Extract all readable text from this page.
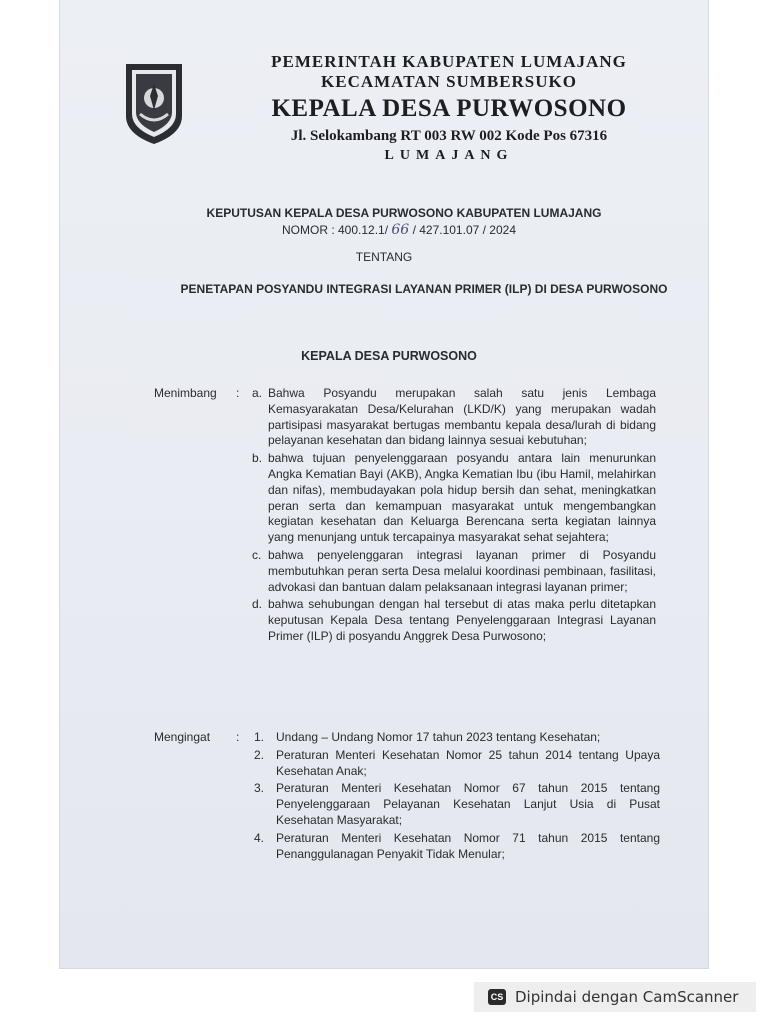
PEMERINTAH KABUPATEN LUMAJANG
KECAMATAN SUMBERSUKO
KEPALA DESA PURWOSONO
Jl. Selokambang RT 003 RW 002 Kode Pos 67316
LUMAJANG
KEPUTUSAN KEPALA DESA PURWOSONO KABUPATEN LUMAJANG
NOMOR : 400.12.1/ 66 / 427.101.07 / 2024
TENTANG
PENETAPAN POSYANDU INTEGRASI LAYANAN PRIMER (ILP) DI DESA PURWOSONO
KEPALA DESA PURWOSONO
Menimbang : a. Bahwa Posyandu merupakan salah satu jenis Lembaga Kemasyarakatan Desa/Kelurahan (LKD/K) yang merupakan wadah partisipasi masyarakat bertugas membantu kepala desa/lurah di bidang pelayanan kesehatan dan bidang lainnya sesuai kebutuhan;

b. bahwa tujuan penyelenggaraan posyandu antara lain menurunkan Angka Kematian Bayi (AKB), Angka Kematian Ibu (ibu Hamil, melahirkan dan nifas), membudayakan pola hidup bersih dan sehat, meningkatkan peran serta dan kemampuan masyarakat untuk mengembangkan kegiatan kesehatan dan Keluarga Berencana serta kegiatan lainnya yang menunjang untuk tercapainya masyarakat sehat sejahtera;

c. bahwa penyelenggaran integrasi layanan primer di Posyandu membutuhkan peran serta Desa melalui koordinasi pembinaan, fasilitasi, advokasi dan bantuan dalam pelaksanaan integrasi layanan primer;

d. bahwa sehubungan dengan hal tersebut di atas maka perlu ditetapkan keputusan Kepala Desa tentang Penyelenggaraan Integrasi Layanan Primer (ILP) di posyandu Anggrek Desa Purwosono;

Mengingat : 1. Undang – Undang Nomor 17 tahun 2023 tentang Kesehatan;

2. Peraturan Menteri Kesehatan Nomor 25 tahun 2014 tentang Upaya Kesehatan Anak;

3. Peraturan Menteri Kesehatan Nomor 67 tahun 2015 tentang Penyelenggaraan Pelayanan Kesehatan Lanjut Usia di Pusat Kesehatan Masyarakat;

4. Peraturan Menteri Kesehatan Nomor 71 tahun 2015 tentang Penanggulanagan Penyakit Tidak Menular;

CS Dipindai dengan CamScanner
